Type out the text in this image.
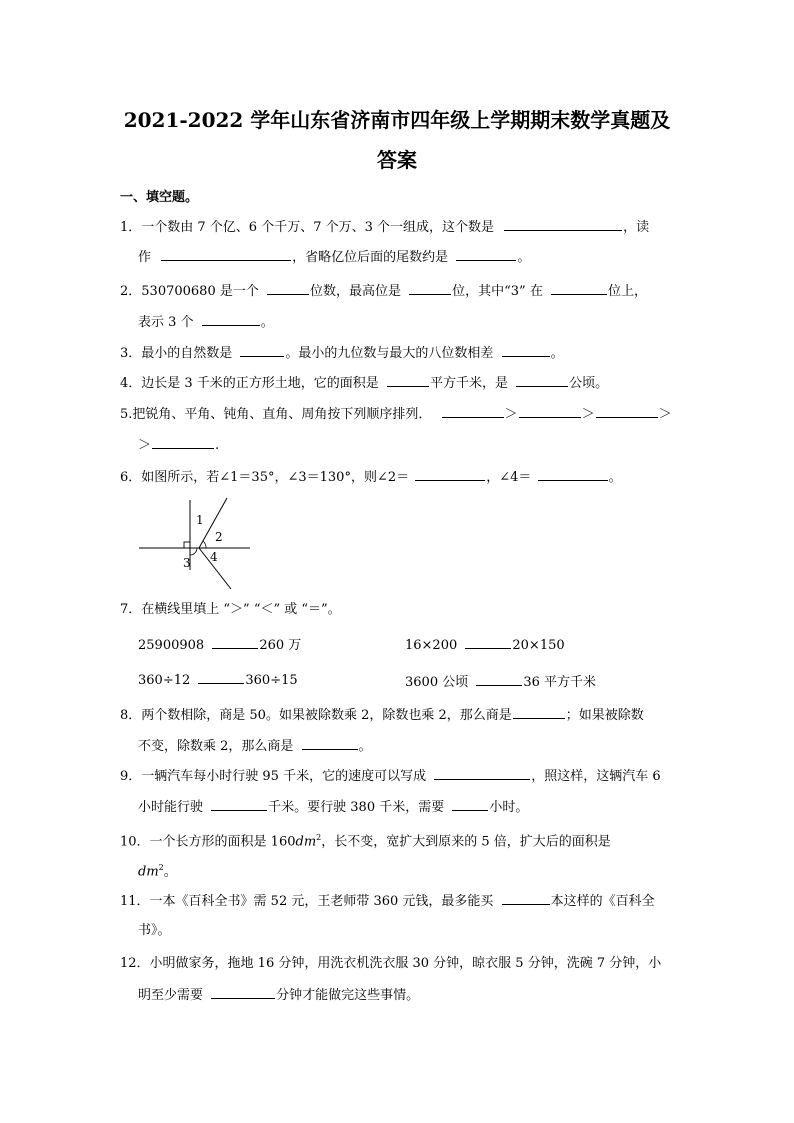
2021-2022 学年山东省济南市四年级上学期期末数学真题及
答案
一、填空题。
1．一个数由 7 个亿、6 个千万、7 个万、3 个一组成，这个数是	，读
作	，省略亿位后面的尾数约是	。
2．530700680 是一个	位数，最高位是	位，其中“3” 在	位上，
表示 3 个	。
3．最小的自然数是	。最小的九位数与最大的八位数相差	。
4．边长是 3 千米的正方形土地，它的面积是	平方千米，是	公顷。
5.把锐角、平角、钝角、直角、周角按下列顺序排列．	＞	＞	＞
＞	.
6．如图所示，若∠1＝35°，∠3＝130°，则∠2＝	，∠4＝	。
1
2
3 4
7．在横线里填上 “＞” “＜” 或 “＝”。
25900908	260 万	16×200	20×150
360÷12	360÷15	3600 公顷	36 平方千米
8．两个数相除，商是 50。如果被除数乘 2，除数也乘 2，那么商是	；如果被除数
不变，除数乘 2，那么商是	。
9．一辆汽车每小时行驶 95 千米，它的速度可以写成	，照这样，这辆汽车 6
小时能行驶	千米。要行驶 380 千米，需要	小时。
10．一个长方形的面积是 $160dm^2$，长不变，宽扩大到原来的 5 倍，扩大后的面积是
$dm^2$。
11．一本《百科全书》需 52 元，王老师带 360 元钱，最多能买	本这样的《百科全
书》。
12．小明做家务，拖地 16 分钟，用洗衣机洗衣服 30 分钟，晾衣服 5 分钟，洗碗 7 分钟，小
明至少需要	分钟才能做完这些事情。
